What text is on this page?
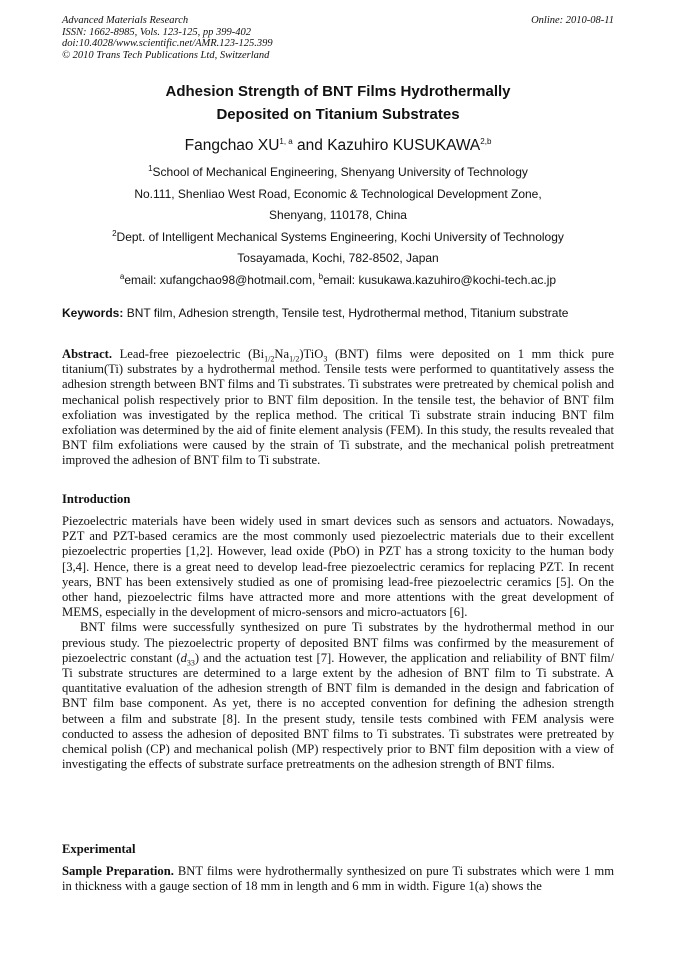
Advanced Materials Research
ISSN: 1662-8985, Vols. 123-125, pp 399-402
doi:10.4028/www.scientific.net/AMR.123-125.399
© 2010 Trans Tech Publications Ltd, Switzerland
Online: 2010-08-11
Adhesion Strength of BNT Films Hydrothermally
Deposited on Titanium Substrates
Fangchao XU$^{1, a}$ and Kazuhiro KUSUKAWA$^{2,b}$
$^1$School of Mechanical Engineering, Shenyang University of Technology
No.111, Shenliao West Road, Economic & Technological Development Zone,
Shenyang, 110178, China
$^2$Dept. of Intelligent Mechanical Systems Engineering, Kochi University of Technology
Tosayamada, Kochi, 782-8502, Japan
$^a$email: xufangchao98@hotmail.com, $^b$email: kusukawa.kazuhiro@kochi-tech.ac.jp
Keywords: BNT film, Adhesion strength, Tensile test, Hydrothermal method, Titanium substrate
Abstract. Lead-free piezoelectric $(Bi_{1/2}Na_{1/2})TiO_3$ (BNT) films were deposited on 1 mm thick pure titanium(Ti) substrates by a hydrothermal method. Tensile tests were performed to quantitatively assess the adhesion strength between BNT films and Ti substrates. Ti substrates were pretreated by chemical polish and mechanical polish respectively prior to BNT film deposition. In the tensile test, the behavior of BNT film exfoliation was investigated by the replica method. The critical Ti substrate strain inducing BNT film exfoliation was determined by the aid of finite element analysis (FEM). In this study, the results revealed that BNT film exfoliations were caused by the strain of Ti substrate, and the mechanical polish pretreatment improved the adhesion of BNT film to Ti substrate.
Introduction

Piezoelectric materials have been widely used in smart devices such as sensors and actuators. Nowadays, PZT and PZT-based ceramics are the most commonly used piezoelectric materials due to their excellent piezoelectric properties [1,2]. However, lead oxide (PbO) in PZT has a strong toxicity to the human body [3,4]. Hence, there is a great need to develop lead-free piezoelectric ceramics for replacing PZT. In recent years, BNT has been extensively studied as one of promising lead-free piezoelectric ceramics [5]. On the other hand, piezoelectric films have attracted more and more attentions with the great development of MEMS, especially in the development of micro-sensors and micro-actuators [6].

BNT films were successfully synthesized on pure Ti substrates by the hydrothermal method in our previous study. The piezoelectric property of deposited BNT films was confirmed by the measurement of piezoelectric constant $(d_{33})$ and the actuation test [7]. However, the application and reliability of BNT film/ Ti substrate structures are determined to a large extent by the adhesion of BNT film to Ti substrate. A quantitative evaluation of the adhesion strength of BNT film is demanded in the design and fabrication of BNT film base component. As yet, there is no accepted convention for defining the adhesion strength between a film and substrate [8]. In the present study, tensile tests combined with FEM analysis were conducted to assess the adhesion of deposited BNT films to Ti substrates. Ti substrates were pretreated by chemical polish (CP) and mechanical polish (MP) respectively prior to BNT film deposition with a view of investigating the effects of substrate surface pretreatments on the adhesion strength of BNT films.

Experimental
Sample Preparation. BNT films were hydrothermally synthesized on pure Ti substrates which were 1 mm in thickness with a gauge section of 18 mm in length and 6 mm in width. Figure 1(a) shows the
